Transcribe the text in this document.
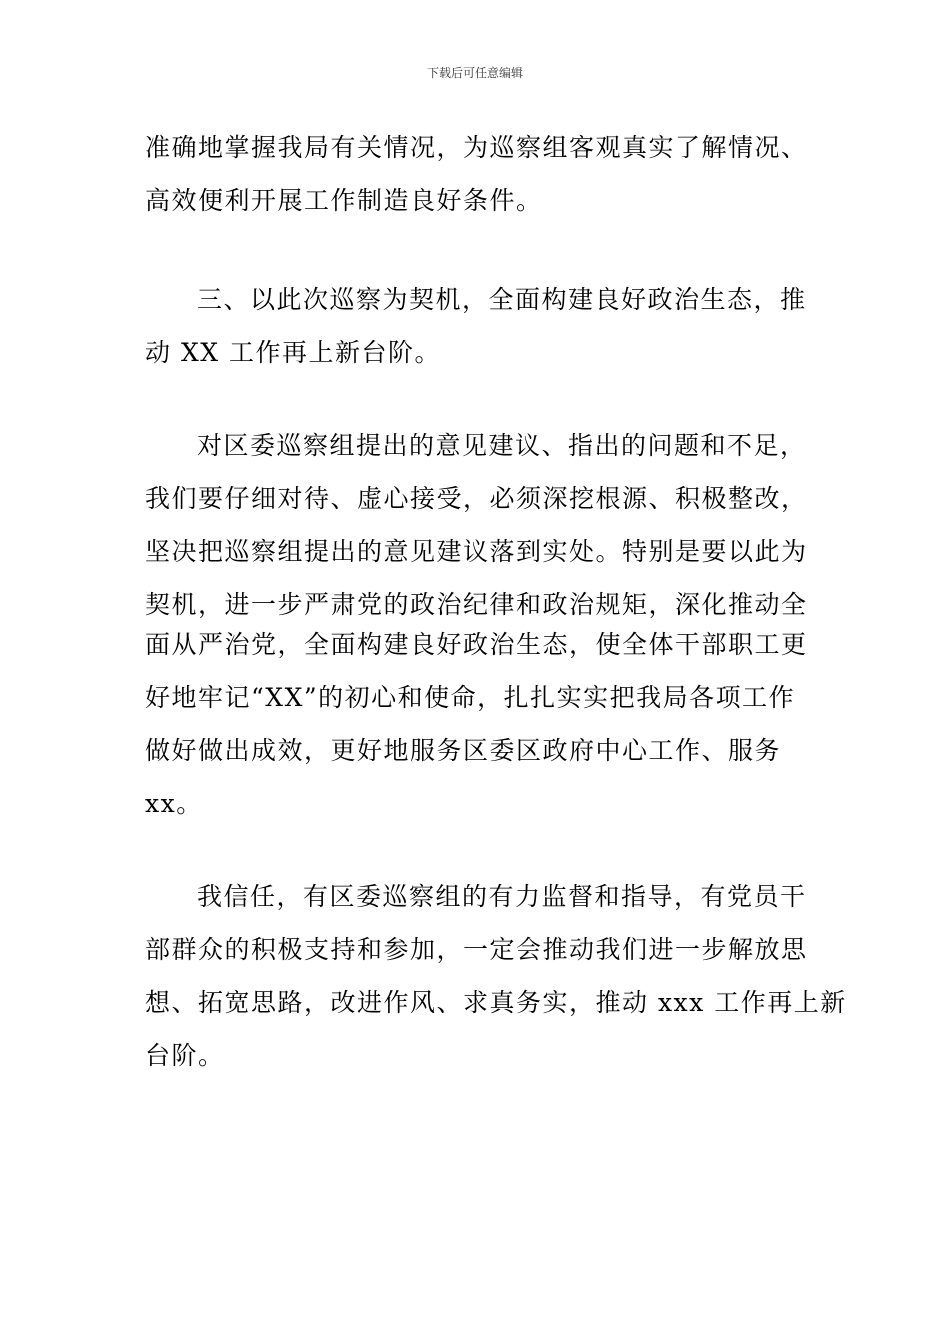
下载后可任意编辑
准确地掌握我局有关情况，为巡察组客观真实了解情况、
高效便利开展工作制造良好条件。
三、以此次巡察为契机，全面构建良好政治生态，推
动 XX 工作再上新台阶。
对区委巡察组提出的意见建议、指出的问题和不足，
我们要仔细对待、虚心接受，必须深挖根源、积极整改，
坚决把巡察组提出的意见建议落到实处。特别是要以此为
契机，进一步严肃党的政治纪律和政治规矩，深化推动全
面从严治党，全面构建良好政治生态，使全体干部职工更
好地牢记“XX”的初心和使命，扎扎实实把我局各项工作
做好做出成效，更好地服务区委区政府中心工作、服务
xx。
我信任，有区委巡察组的有力监督和指导，有党员干
部群众的积极支持和参加，一定会推动我们进一步解放思
想、拓宽思路，改进作风、求真务实，推动 xxx 工作再上新
台阶。
